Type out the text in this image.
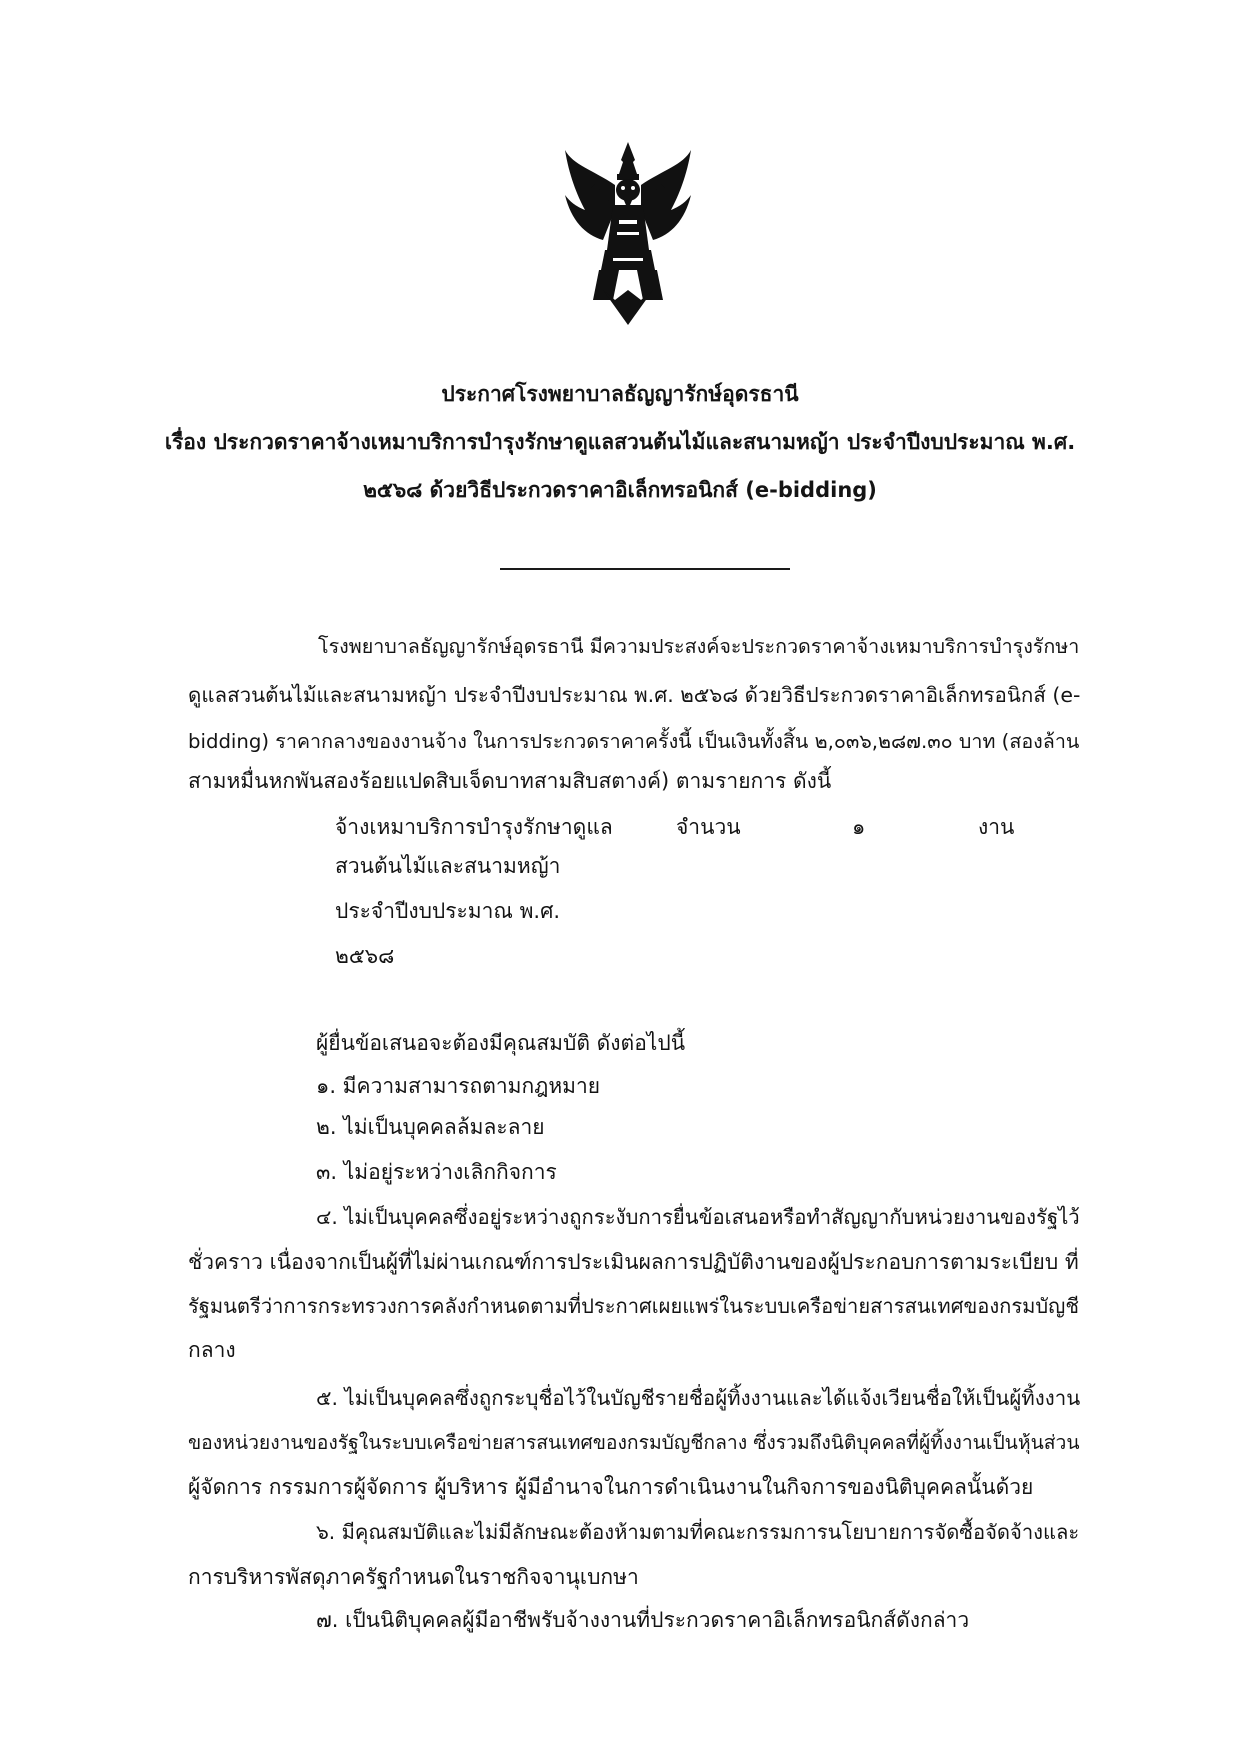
ประกาศโรงพยาบาลธัญญารักษ์อุดรธานี
เรื่อง ประกวดราคาจ้างเหมาบริการบำรุงรักษาดูแลสวนต้นไม้และสนามหญ้า ประจำปีงบประมาณ พ.ศ.
๒๕๖๘ ด้วยวิธีประกวดราคาอิเล็กทรอนิกส์ (e-bidding)
โรงพยาบาลธัญญารักษ์อุดรธานี มีความประสงค์จะประกวดราคาจ้างเหมาบริการบำรุงรักษา
ดูแลสวนต้นไม้และสนามหญ้า ประจำปีงบประมาณ พ.ศ. ๒๕๖๘ ด้วยวิธีประกวดราคาอิเล็กทรอนิกส์ (e-
bidding) ราคากลางของงานจ้าง ในการประกวดราคาครั้งนี้ เป็นเงินทั้งสิ้น ๒,๐๓๖,๒๘๗.๓๐ บาท (สองล้าน
สามหมื่นหกพันสองร้อยแปดสิบเจ็ดบาทสามสิบสตางค์) ตามรายการ ดังนี้
จ้างเหมาบริการบำรุงรักษาดูแล	จำนวน	๑	งาน
สวนต้นไม้และสนามหญ้า
ประจำปีงบประมาณ พ.ศ.
๒๕๖๘
ผู้ยื่นข้อเสนอจะต้องมีคุณสมบัติ ดังต่อไปนี้
๑. มีความสามารถตามกฎหมาย
๒. ไม่เป็นบุคคลล้มละลาย
๓. ไม่อยู่ระหว่างเลิกกิจการ
๔. ไม่เป็นบุคคลซึ่งอยู่ระหว่างถูกระงับการยื่นข้อเสนอหรือทำสัญญากับหน่วยงานของรัฐไว้
ชั่วคราว เนื่องจากเป็นผู้ที่ไม่ผ่านเกณฑ์การประเมินผลการปฏิบัติงานของผู้ประกอบการตามระเบียบ ที่
รัฐมนตรีว่าการกระทรวงการคลังกำหนดตามที่ประกาศเผยแพร่ในระบบเครือข่ายสารสนเทศของกรมบัญชี
กลาง
๕. ไม่เป็นบุคคลซึ่งถูกระบุชื่อไว้ในบัญชีรายชื่อผู้ทิ้งงานและได้แจ้งเวียนชื่อให้เป็นผู้ทิ้งงาน
ของหน่วยงานของรัฐในระบบเครือข่ายสารสนเทศของกรมบัญชีกลาง ซึ่งรวมถึงนิติบุคคลที่ผู้ทิ้งงานเป็นหุ้นส่วน
ผู้จัดการ กรรมการผู้จัดการ ผู้บริหาร ผู้มีอำนาจในการดำเนินงานในกิจการของนิติบุคคลนั้นด้วย
๖. มีคุณสมบัติและไม่มีลักษณะต้องห้ามตามที่คณะกรรมการนโยบายการจัดซื้อจัดจ้างและ
การบริหารพัสดุภาครัฐกำหนดในราชกิจจานุเบกษา
๗. เป็นนิติบุคคลผู้มีอาชีพรับจ้างงานที่ประกวดราคาอิเล็กทรอนิกส์ดังกล่าว
